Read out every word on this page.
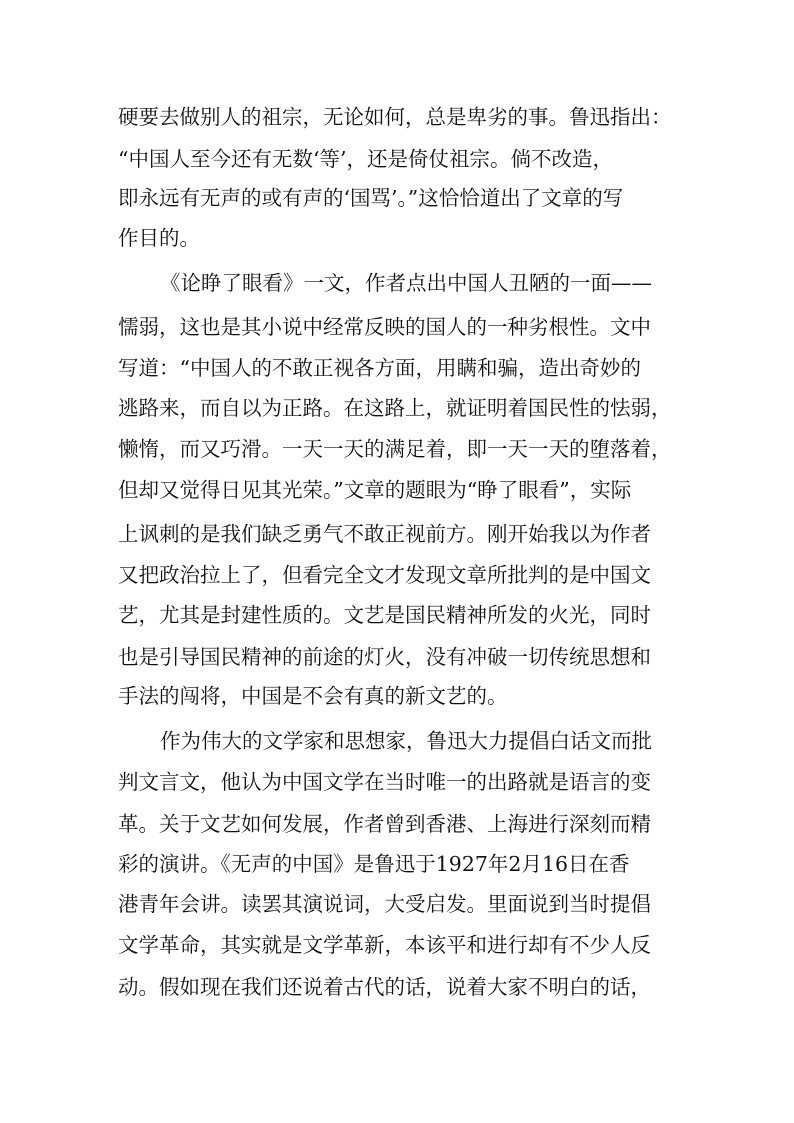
硬要去做别人的祖宗，无论如何，总是卑劣的事。鲁迅指出：
“中国人至今还有无数‘等’，还是倚仗祖宗。倘不改造，
即永远有无声的或有声的‘国骂’。”这恰恰道出了文章的写
作目的。
《论睁了眼看》一文，作者点出中国人丑陋的一面——
懦弱，这也是其小说中经常反映的国人的一种劣根性。文中
写道：“中国人的不敢正视各方面，用瞒和骗，造出奇妙的
逃路来，而自以为正路。在这路上，就证明着国民性的怯弱，
懒惰，而又巧滑。一天一天的满足着，即一天一天的堕落着，
但却又觉得日见其光荣。”文章的题眼为“睁了眼看”，实际
上讽刺的是我们缺乏勇气不敢正视前方。刚开始我以为作者
又把政治拉上了，但看完全文才发现文章所批判的是中国文
艺，尤其是封建性质的。文艺是国民精神所发的火光，同时
也是引导国民精神的前途的灯火，没有冲破一切传统思想和
手法的闯将，中国是不会有真的新文艺的。
作为伟大的文学家和思想家，鲁迅大力提倡白话文而批
判文言文，他认为中国文学在当时唯一的出路就是语言的变
革。关于文艺如何发展，作者曾到香港、上海进行深刻而精
彩的演讲。《无声的中国》是鲁迅于1927年2月16日在香
港青年会讲。读罢其演说词，大受启发。里面说到当时提倡
文学革命，其实就是文学革新，本该平和进行却有不少人反
动。假如现在我们还说着古代的话，说着大家不明白的话，
